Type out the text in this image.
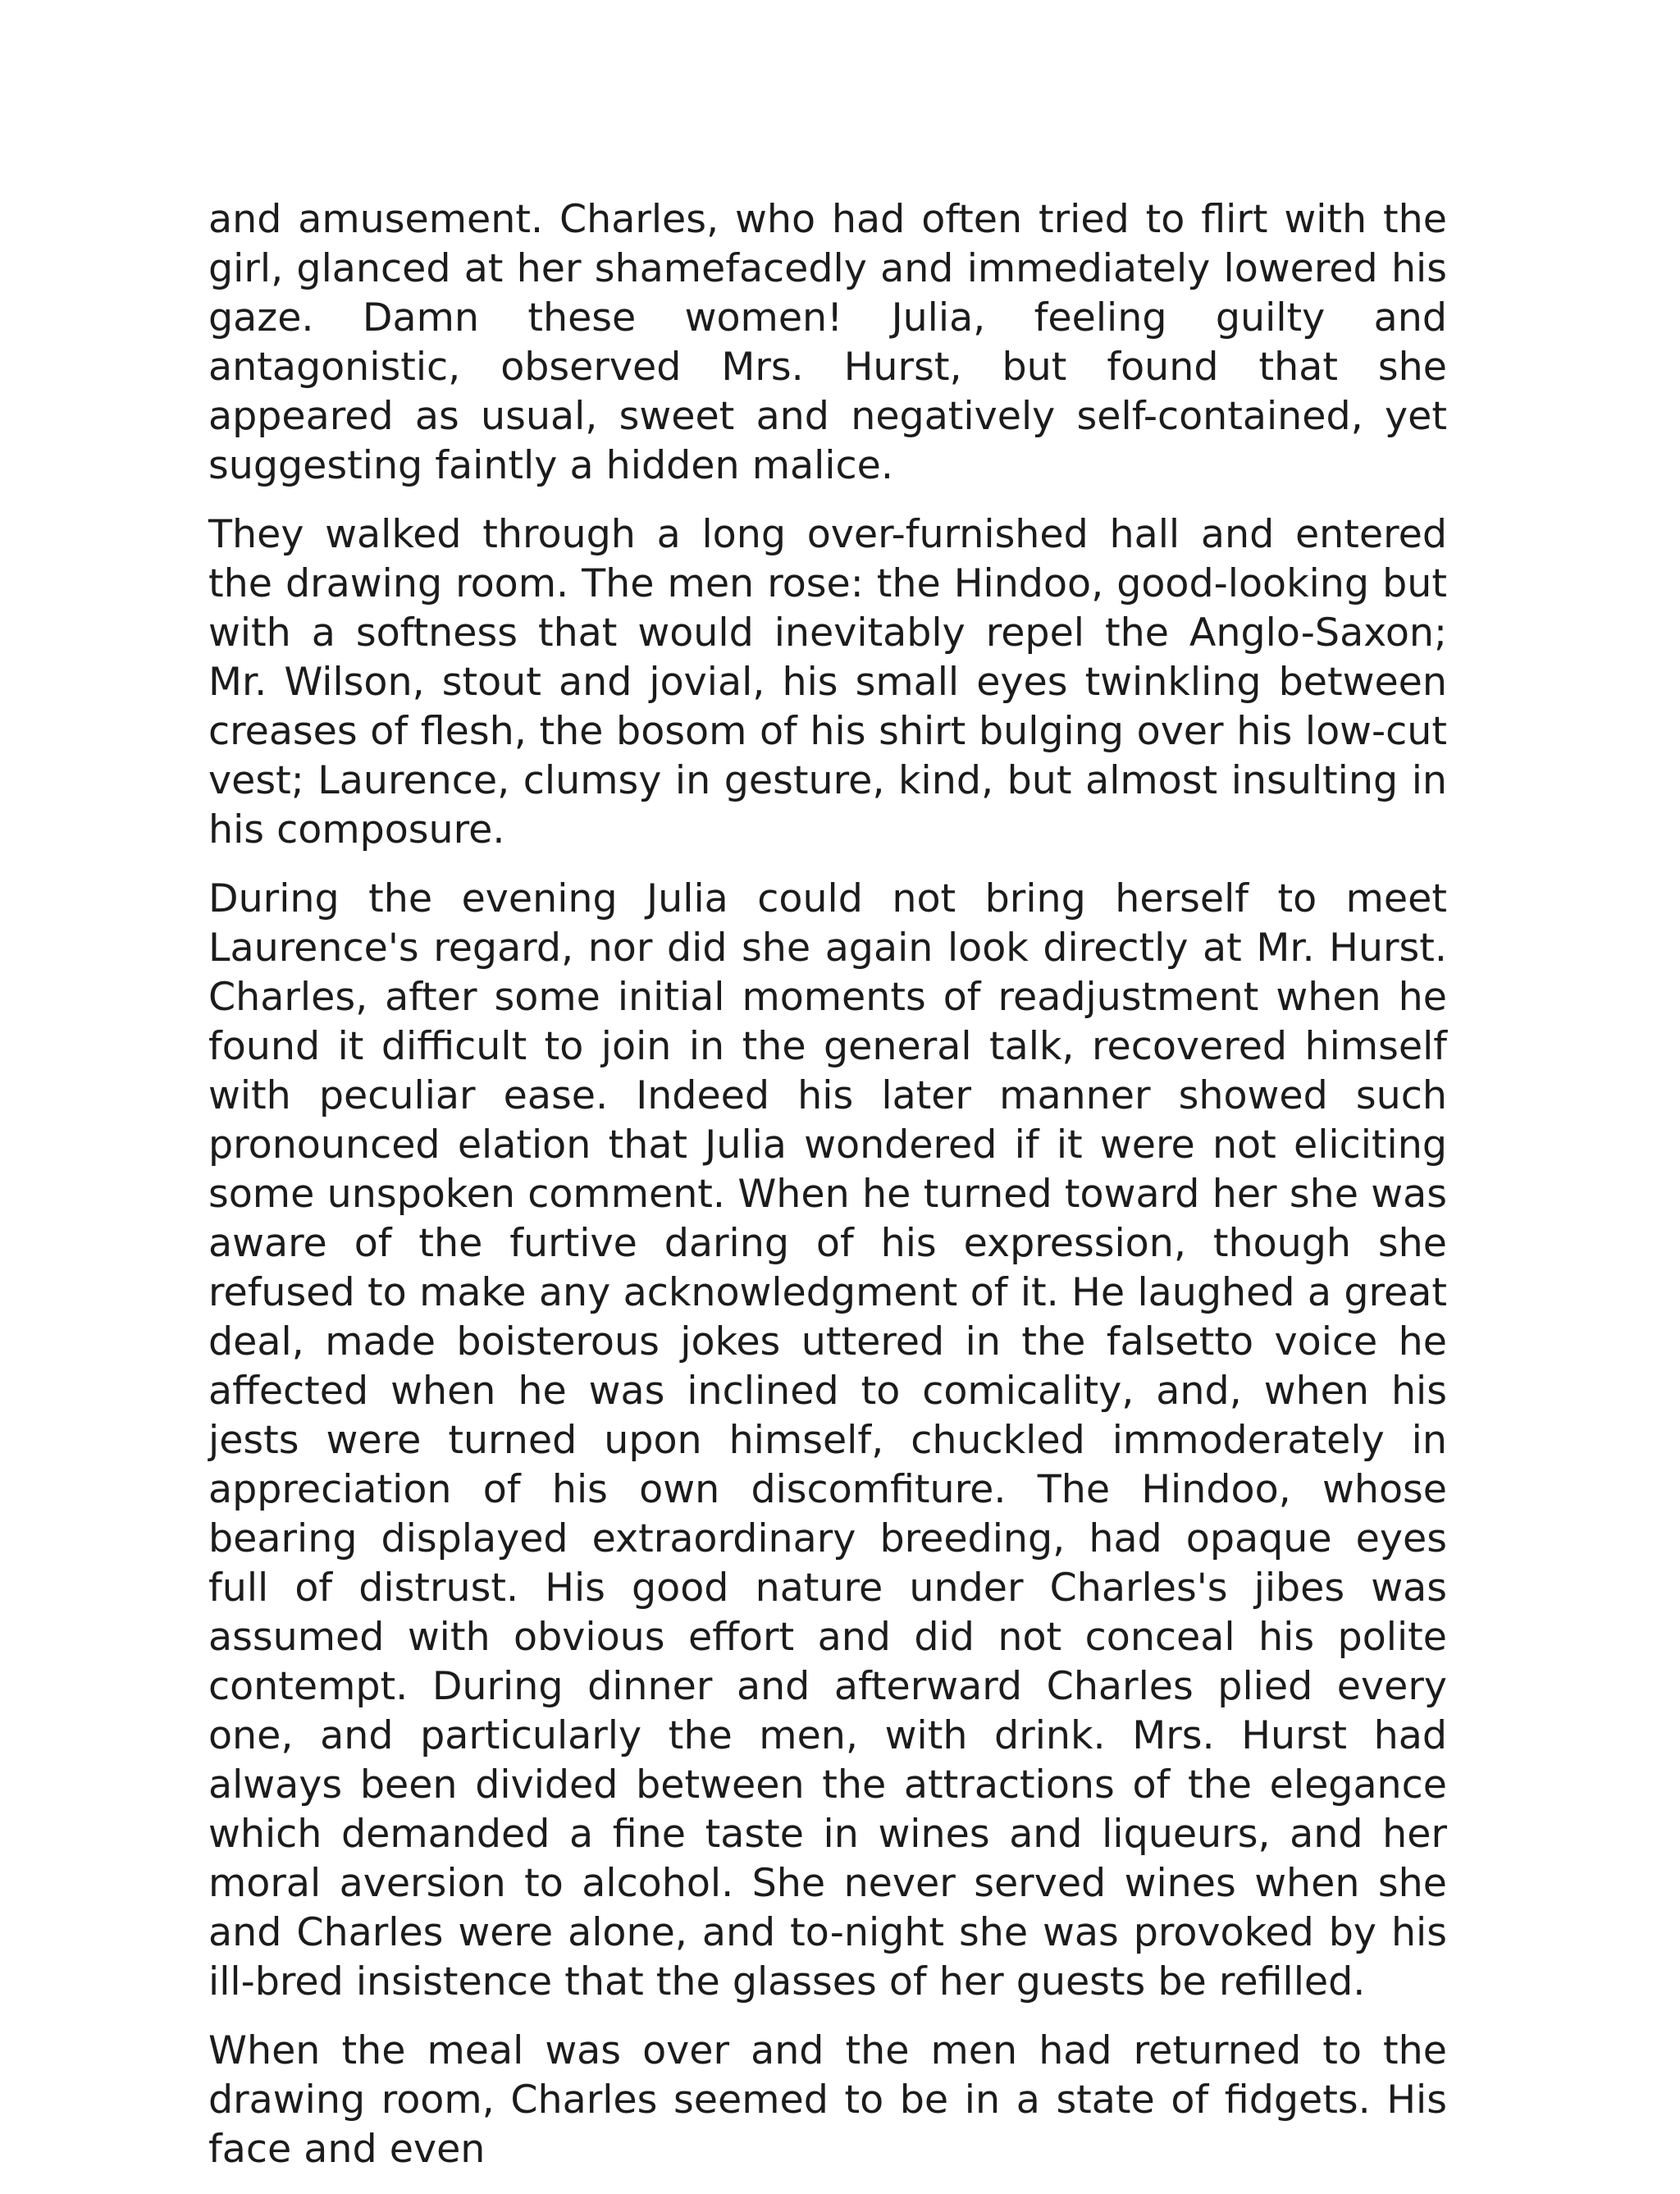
and amusement. Charles, who had often tried to flirt with the girl, glanced at her shamefacedly and immediately lowered his gaze. Damn these women! Julia, feeling guilty and antagonistic, observed Mrs. Hurst, but found that she appeared as usual, sweet and negatively self-contained, yet suggesting faintly a hidden malice.

They walked through a long over-furnished hall and entered the drawing room. The men rose: the Hindoo, good-looking but with a softness that would inevitably repel the Anglo-Saxon; Mr. Wilson, stout and jovial, his small eyes twinkling between creases of flesh, the bosom of his shirt bulging over his low-cut vest; Laurence, clumsy in gesture, kind, but almost insulting in his composure.

During the evening Julia could not bring herself to meet Laurence's regard, nor did she again look directly at Mr. Hurst. Charles, after some initial moments of readjustment when he found it difficult to join in the general talk, recovered himself with peculiar ease. Indeed his later manner showed such pronounced elation that Julia wondered if it were not eliciting some unspoken comment. When he turned toward her she was aware of the furtive daring of his expression, though she refused to make any acknowledgment of it. He laughed a great deal, made boisterous jokes uttered in the falsetto voice he affected when he was inclined to comicality, and, when his jests were turned upon himself, chuckled immoderately in appreciation of his own discomfiture. The Hindoo, whose bearing displayed extraordinary breeding, had opaque eyes full of distrust. His good nature under Charles's jibes was assumed with obvious effort and did not conceal his polite contempt. During dinner and afterward Charles plied every one, and particularly the men, with drink. Mrs. Hurst had always been divided between the attractions of the elegance which demanded a fine taste in wines and liqueurs, and her moral aversion to alcohol. She never served wines when she and Charles were alone, and to-night she was provoked by his ill-bred insistence that the glasses of her guests be refilled.

When the meal was over and the men had returned to the drawing room, Charles seemed to be in a state of fidgets. His face and even
